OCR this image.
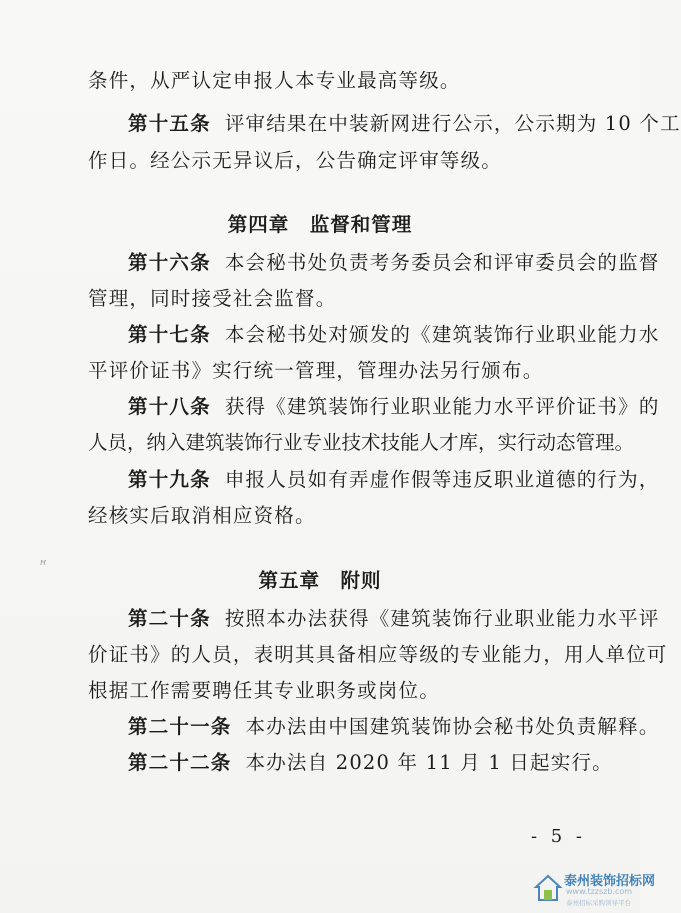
条件，从严认定申报人本专业最高等级。
第十五条 评审结果在中装新网进行公示，公示期为 10 个工
作日。经公示无异议后，公告确定评审等级。
第四章　监督和管理
第十六条 本会秘书处负责考务委员会和评审委员会的监督
管理，同时接受社会监督。
第十七条 本会秘书处对颁发的《建筑装饰行业职业能力水
平评价证书》实行统一管理，管理办法另行颁布。
第十八条 获得《建筑装饰行业职业能力水平评价证书》的
人员，纳入建筑装饰行业专业技术技能人才库，实行动态管理。
第十九条 申报人员如有弄虚作假等违反职业道德的行为，
经核实后取消相应资格。
ꟸ
第五章　附则
第二十条 按照本办法获得《建筑装饰行业职业能力水平评
价证书》的人员，表明其具备相应等级的专业能力，用人单位可
根据工作需要聘任其专业职务或岗位。
第二十一条 本办法由中国建筑装饰协会秘书处负责解释。
第二十二条 本办法自 2020 年 11 月 1 日起实行。
- 5 -
泰州装饰招标网
www.tzzszb.com
泰州招标采购领导平台
